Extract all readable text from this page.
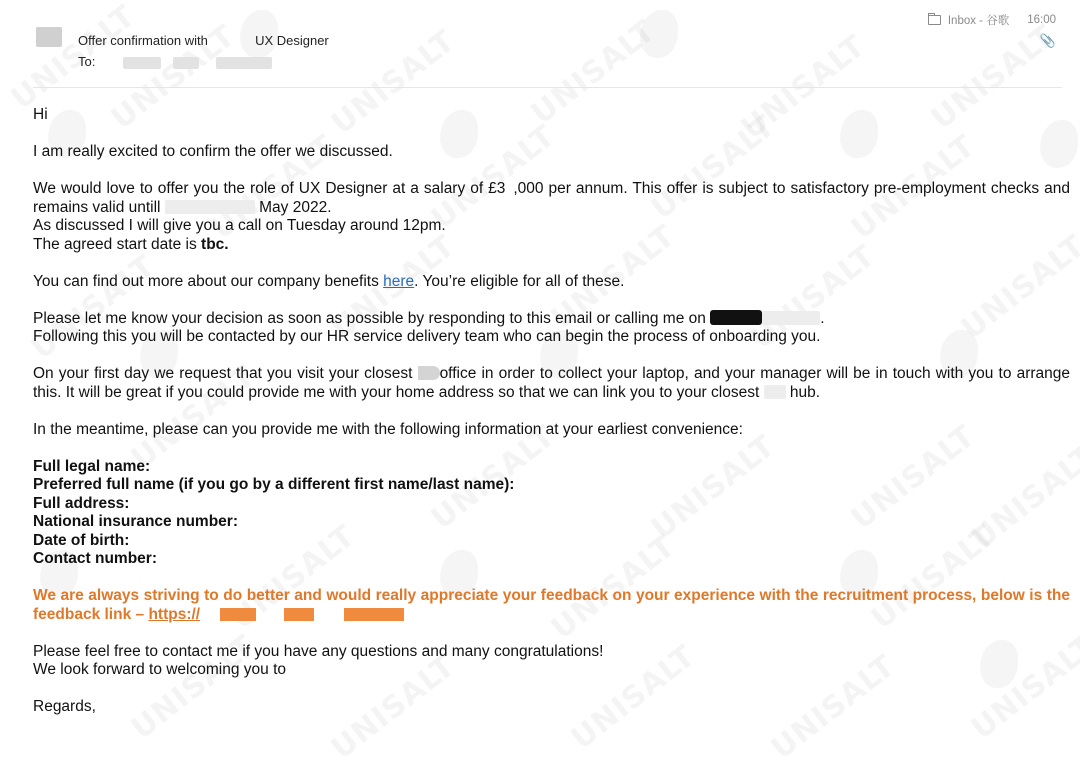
Offer confirmation with	UX Designer
To:
Inbox - 谷歌 16:00
📎

Hi

I am really excited to confirm the offer we discussed.

We would love to offer you the role of UX Designer at a salary of £3 ,000 per annum. This offer is subject to satisfactory pre-employment checks and remains valid untill	May 2022.

As discussed I will give you a call on Tuesday around 12pm.

The agreed start date is tbc.

You can find out more about our company benefits here. You’re eligible for all of these.

Please let me know your decision as soon as possible by responding to this email or calling me on	.
Following this you will be contacted by our HR service delivery team who can begin the process of onboarding you.

On your first day we request that you visit your closest office in order to collect your laptop, and your manager will be in touch with you to arrange this. It will be great if you could provide me with your home address so that we can link you to your closest hub.

In the meantime, please can you provide me with the following information at your earliest convenience:

Full legal name:
Preferred full name (if you go by a different first name/last name):
Full address:
National insurance number:
Date of birth:
Contact number:

We are always striving to do better and would really appreciate your feedback on your experience with the recruitment process, below is the feedback link – https://

Please feel free to contact me if you have any questions and many congratulations!

We look forward to welcoming you to

Regards,
